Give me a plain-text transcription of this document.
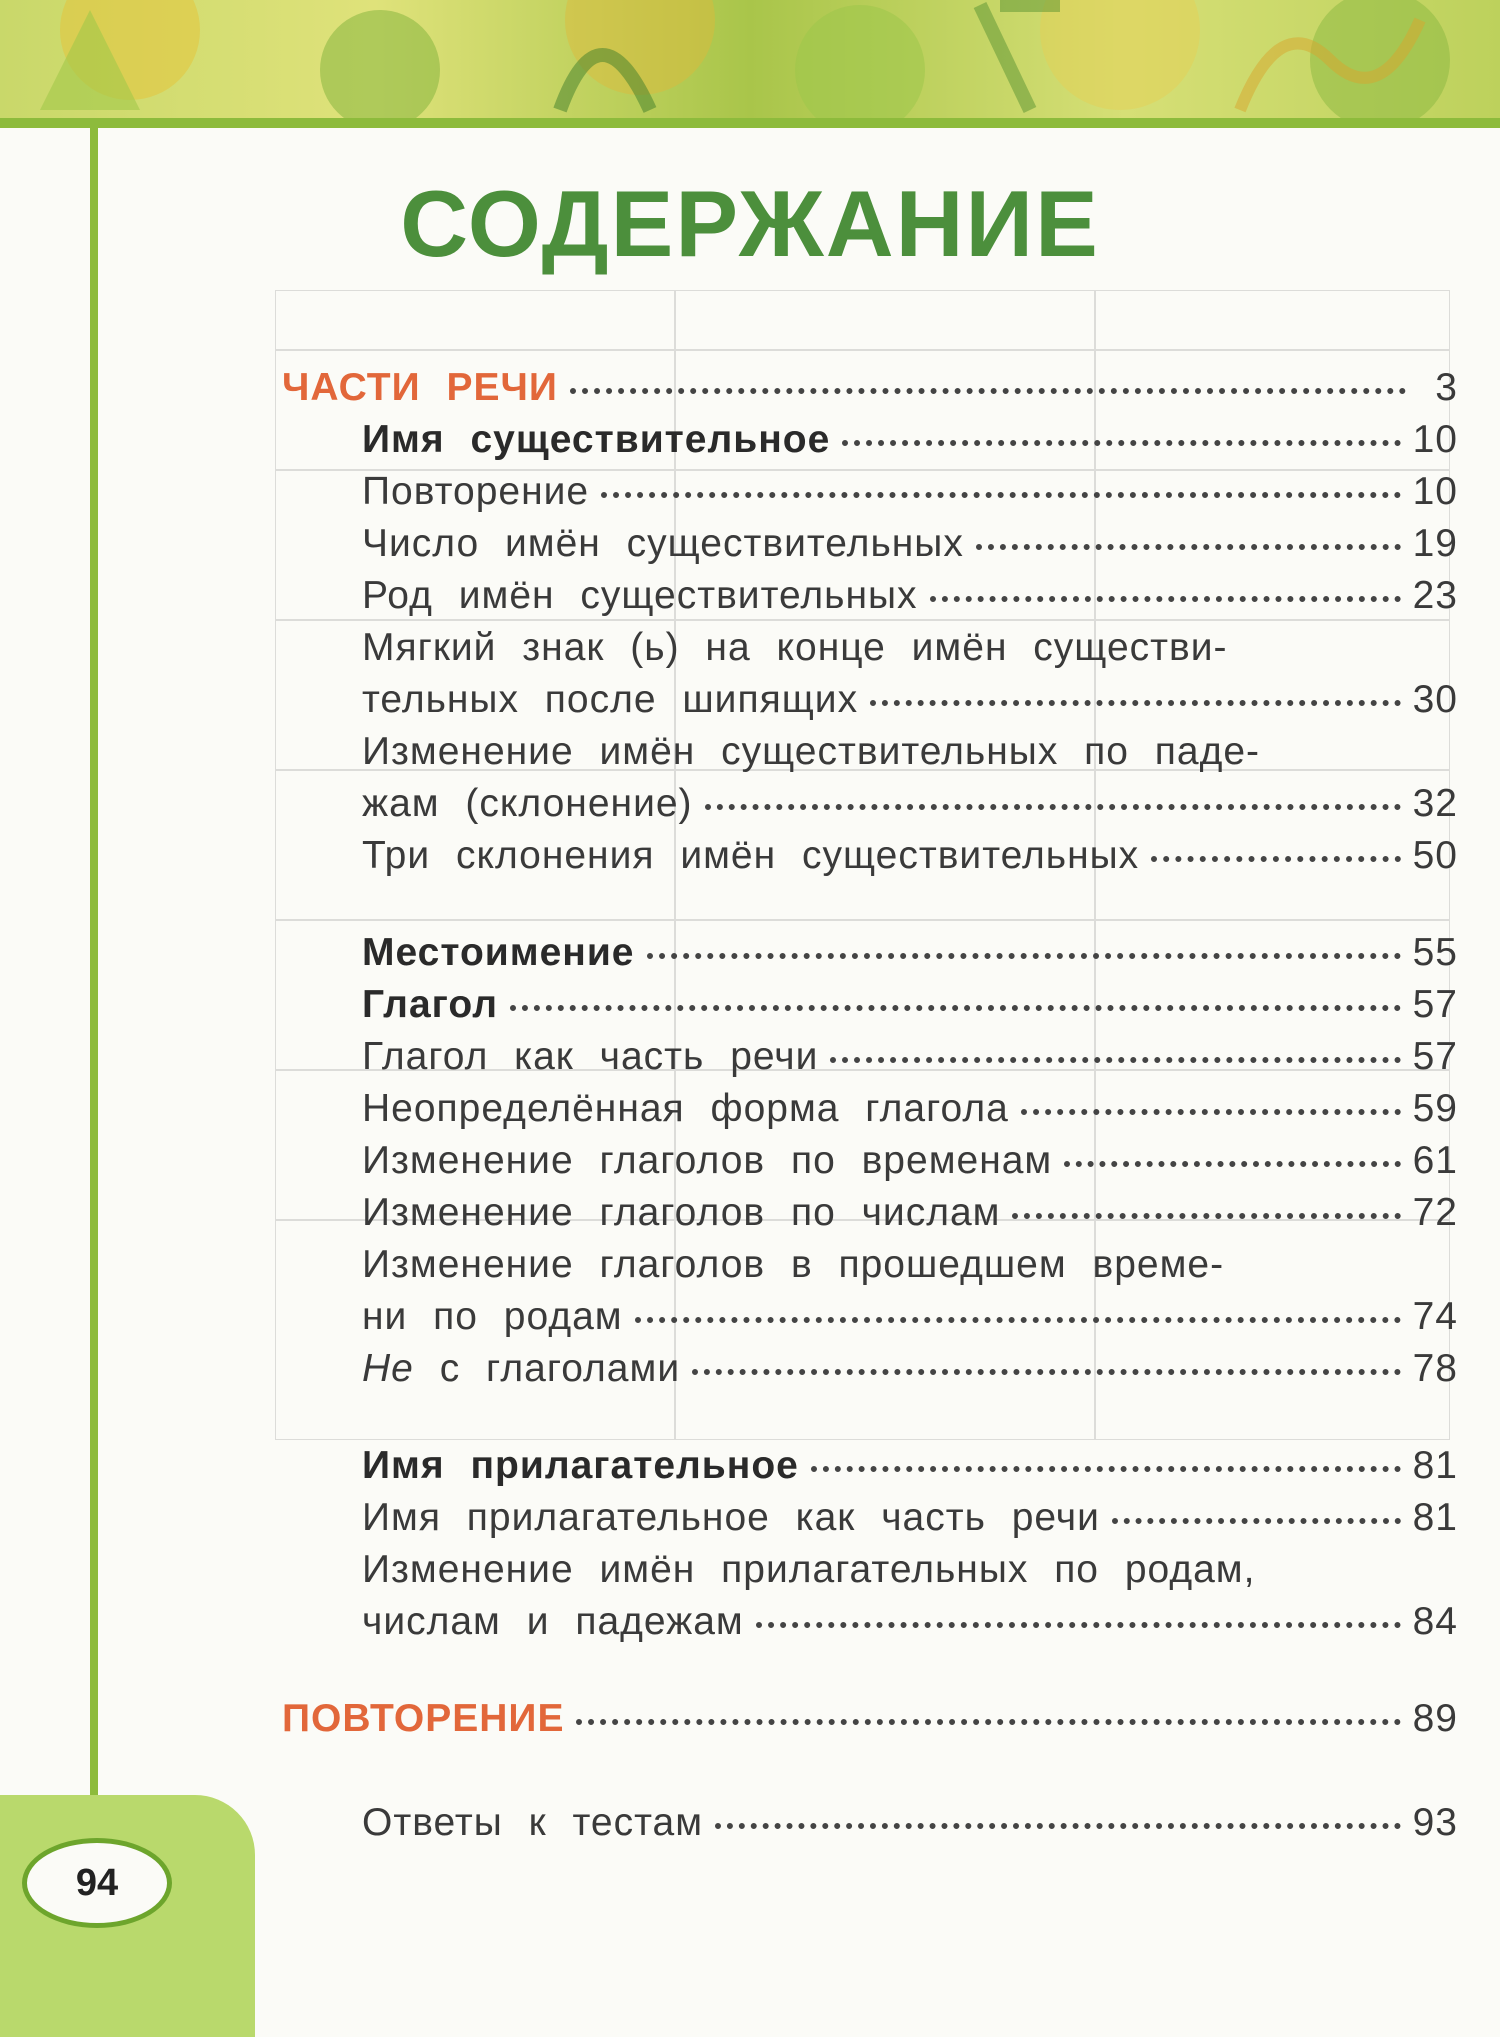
94
СОДЕРЖАНИЕ
ЧАСТИ РЕЧИ	3
Имя существительное	10
Повторение	10
Число имён существительных	19
Род имён существительных	23
Мягкий знак (ь) на конце имён существи-
тельных после шипящих	30
Изменение имён существительных по паде-
жам (склонение)	32
Три склонения имён существительных	50
Местоимение	55
Глагол	57
Глагол как часть речи	57
Неопределённая форма глагола	59
Изменение глаголов по временам	61
Изменение глаголов по числам	72
Изменение глаголов в прошедшем време-
ни по родам	74
Не с глаголами	78
Имя прилагательное	81
Имя прилагательное как часть речи	81
Изменение имён прилагательных по родам,
числам и падежам	84
ПОВТОРЕНИЕ	89
Ответы к тестам	93
